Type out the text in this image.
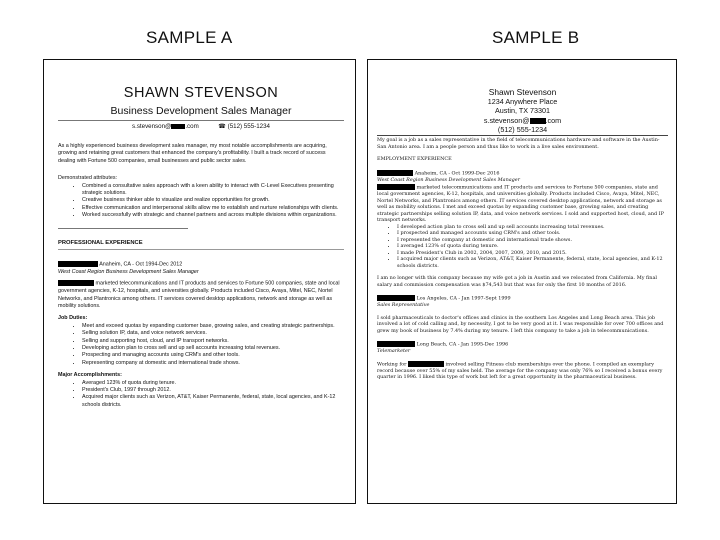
SAMPLE A	SAMPLE B
SHAWN STEVENSON
Business Development Sales Manager
s.stevenson@ .com	☎ (512) 555-1234
As a highly experienced business development sales manager, my most notable accomplishments are acquiring, growing and retaining great customers that enhanced the company's profitability. I built a track record of success dealing with Fortune 500 companies, small businesses and public sector sales.
Demonstrated attributes:
• Combined a consultative sales approach with a keen ability to interact with C-Level Executives presenting strategic solutions.
• Creative business thinker able to visualize and realize opportunities for growth.
• Effective communication and interpersonal skills allow me to establish and nurture relationships with clients.
• Worked successfully with strategic and channel partners and across multiple divisions within organizations.
PROFESSIONAL EXPERIENCE
Anaheim, CA - Oct 1994-Dec 2012
West Coast Region Business Development Sales Manager
marketed telecommunications and IT products and services to Fortune 500 companies, state and local government agencies, K-12, hospitals, and universities globally. Products included Cisco, Avaya, Mitel, NEC, Nortel Networks, and Plantronics among others. IT services covered desktop applications, network and storage as well as mobility solutions.
Job Duties:
• Meet and exceed quotas by expanding customer base, growing sales, and creating strategic partnerships.
• Selling solution IP, data, and voice network services.
• Selling and supporting host, cloud, and IP transport networks.
• Developing action plan to cross sell and up sell accounts increasing total revenues.
• Prospecting and managing accounts using CRM's and other tools.
• Representing company at domestic and international trade shows.
Major Accomplishments:
• Averaged 123% of quota during tenure.
• President's Club, 1997 through 2012.
• Acquired major clients such as Verizon, AT&T, Kaiser Permanente, federal, state, local agencies, and K-12 schools districts.
Shawn Stevenson
1234 Anywhere Place
Austin, TX 73301
s.stevenson@ .com
(512) 555-1234
My goal is a job as a sales representative in the field of telecommunications hardware and software in the Austin-San Antonio area. I am a people person and thus like to work in a live sales environment.
EMPLOYMENT EXPERIENCE
Anaheim, CA - Oct 1999-Dec 2016
West Coast Region Business Development Sales Manager
marketed telecommunications and IT products and services to Fortune 500 companies, state and local government agencies, K-12, hospitals, and universities globally. Products included Cisco, Avaya, Mitel, NEC, Nortel Networks, and Plantronics among others. IT services covered desktop applications, network and storage as well as mobility solutions. I met and exceed quotas by expanding customer base, growing sales, and creating strategic partnerships selling solution IP, data, and voice network services. I sold and supported host, cloud, and IP transport networks.
• I developed action plan to cross sell and up sell accounts increasing total revenues.
• I prospected and managed accounts using CRM's and other tools.
• I represented the company at domestic and international trade shows.
• I averaged 123% of quota during tenure.
• I made President's Club in 2002, 2004, 2007, 2009, 2010, and 2015.
• I acquired major clients such as Verizon, AT&T, Kaiser Permanente, federal, state, local agencies, and K-12 schools districts.
I am no longer with this company because my wife got a job in Austin and we relocated from California. My final salary and commission compensation was $74,543 but that was for only the first 10 months of 2016.
Los Angeles, CA - Jan 1997-Sept 1999
Sales Representative
I sold pharmaceuticals to doctor's offices and clinics in the southern Los Angeles and Long Beach area. This job involved a lot of cold calling and, by necessity, I got to be very good at it. I was responsible for over 700 offices and grew my book of business by 7.4% during my tenure. I left this company to take a job in telecommunications.
Long Beach, CA - Jan 1995-Dec 1996
Telemarketer
Working for	involved selling Fitness club memberships over the phone. I compiled an exemplary record because over 55% of my sales held. The average for the company was only 76% so I received a bonus every quarter in 1996. I liked this type of work but left for a great opportunity in the pharmaceutical business.
